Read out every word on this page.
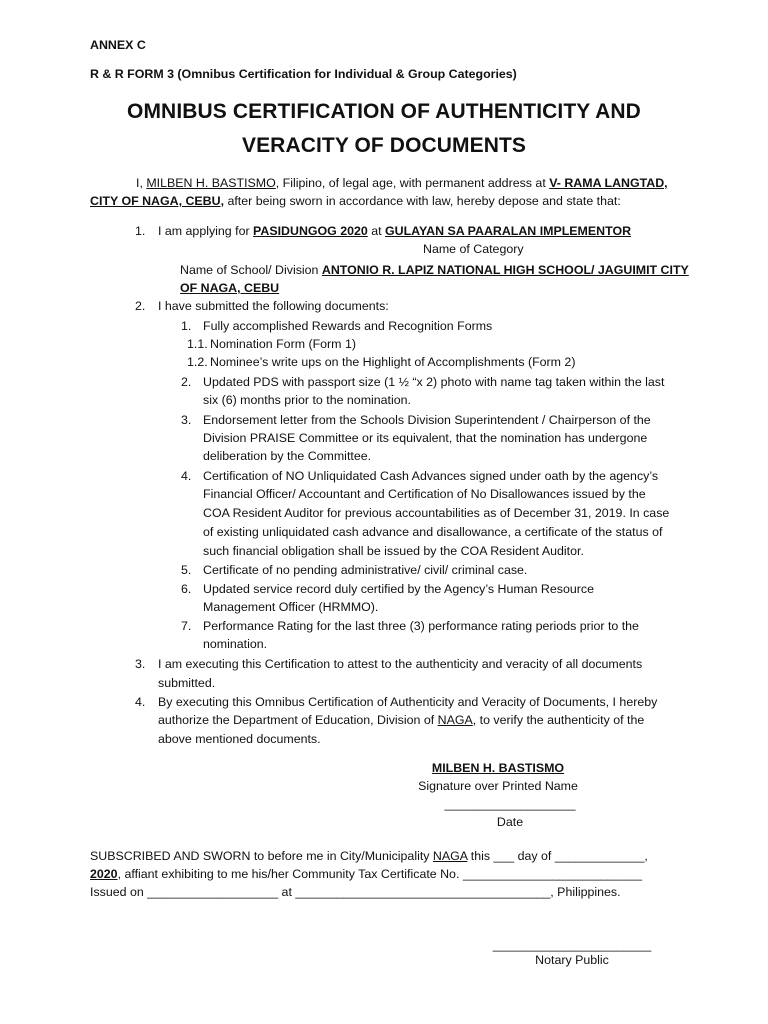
ANNEX C
R & R FORM 3 (Omnibus Certification for Individual & Group Categories)
OMNIBUS CERTIFICATION OF AUTHENTICITY AND
VERACITY OF DOCUMENTS
I, MILBEN H. BASTISMO, Filipino, of legal age, with permanent address at V- RAMA LANGTAD,
CITY OF NAGA, CEBU, after being sworn in accordance with law, hereby depose and state that:
1. I am applying for PASIDUNGOG 2020 at GULAYAN SA PAARALAN IMPLEMENTOR
Name of Category
Name of School/ Division ANTONIO R. LAPIZ NATIONAL HIGH SCHOOL/ JAGUIMIT CITY
OF NAGA, CEBU
2. I have submitted the following documents:
1. Fully accomplished Rewards and Recognition Forms
1.1. Nomination Form (Form 1)
1.2. Nominee’s write ups on the Highlight of Accomplishments (Form 2)
2. Updated PDS with passport size (1 ½ “x 2) photo with name tag taken within the last
six (6) months prior to the nomination.
3. Endorsement letter from the Schools Division Superintendent / Chairperson of the
Division PRAISE Committee or its equivalent, that the nomination has undergone
deliberation by the Committee.
4. Certification of NO Unliquidated Cash Advances signed under oath by the agency’s
Financial Officer/ Accountant and Certification of No Disallowances issued by the
COA Resident Auditor for previous accountabilities as of December 31, 2019. In case
of existing unliquidated cash advance and disallowance, a certificate of the status of
such financial obligation shall be issued by the COA Resident Auditor.
5. Certificate of no pending administrative/ civil/ criminal case.
6. Updated service record duly certified by the Agency’s Human Resource
Management Officer (HRMMO).
7. Performance Rating for the last three (3) performance rating periods prior to the
nomination.
3. I am executing this Certification to attest to the authenticity and veracity of all documents
submitted.
4. By executing this Omnibus Certification of Authenticity and Veracity of Documents, I hereby
authorize the Department of Education, Division of NAGA, to verify the authenticity of the
above mentioned documents.
MILBEN H. BASTISMO
Signature over Printed Name
___________________
Date
SUBSCRIBED AND SWORN to before me in City/Municipality NAGA this ___ day of _____________,
2020, affiant exhibiting to me his/her Community Tax Certificate No. __________________________
Issued on ___________________ at _____________________________________, Philippines.
_______________________
Notary Public
